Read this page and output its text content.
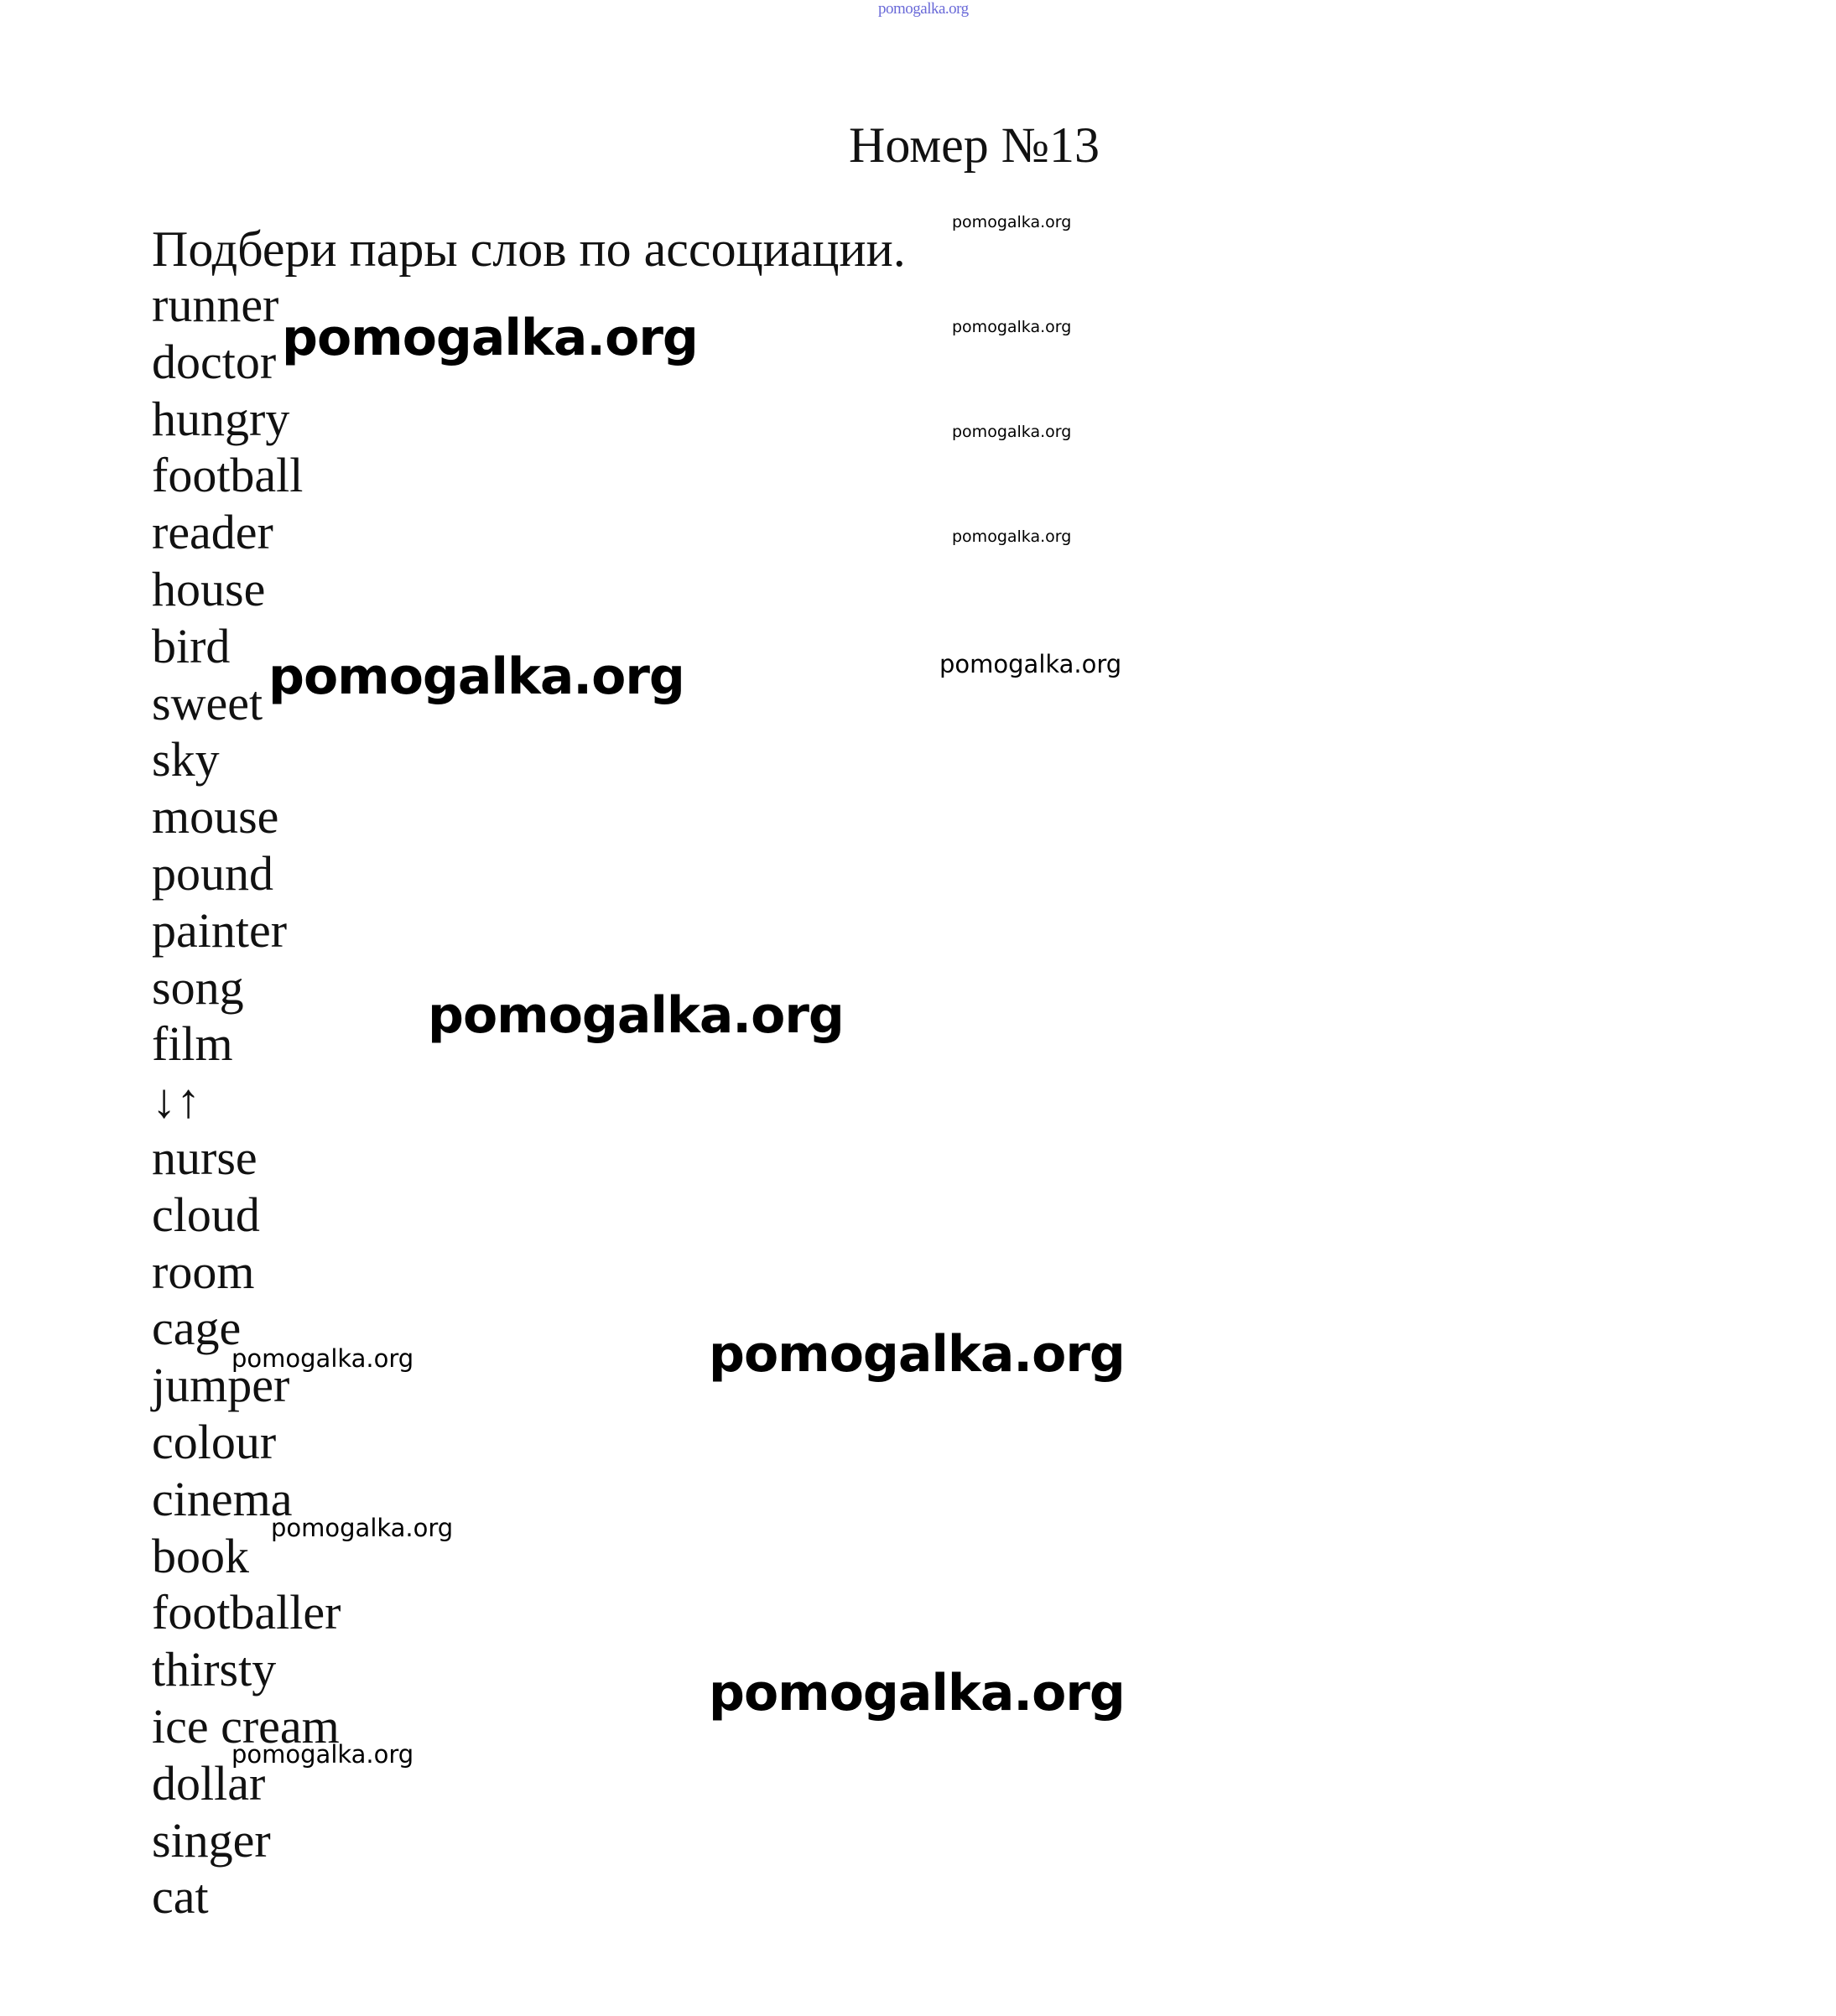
pomogalka.org
Номер №13
Подбери пары слов по ассоциации.
runner
doctor
hungry
football
reader
house
bird
sweet
sky
mouse
pound
painter
song
film
↓↑
nurse
cloud
room
cage
jumper
colour
cinema
book
footballer
thirsty
ice cream
dollar
singer
cat
pomogalka.org
pomogalka.org
pomogalka.org
pomogalka.org
pomogalka.org
pomogalka.org
pomogalka.org
pomogalka.org
pomogalka.org
pomogalka.org
pomogalka.org
pomogalka.org
pomogalka.org
